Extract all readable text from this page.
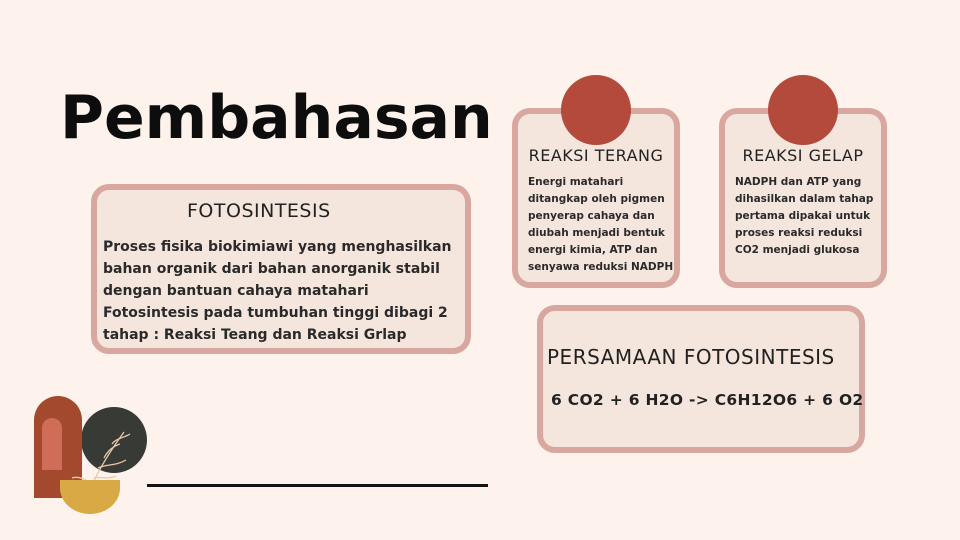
Pembahasan
FOTOSINTESIS
Proses fisika biokimiawi yang menghasilkan bahan organik dari bahan anorganik stabil dengan bantuan cahaya matahari Fotosintesis pada tumbuhan tinggi dibagi 2 tahap : Reaksi Teang dan Reaksi Grlap
REAKSI TERANG
Energi matahari ditangkap oleh pigmen penyerap cahaya dan diubah menjadi bentuk energi kimia, ATP dan senyawa reduksi NADPH
REAKSI GELAP
NADPH dan ATP yang dihasilkan dalam tahap pertama dipakai untuk proses reaksi reduksi CO2 menjadi glukosa
PERSAMAAN FOTOSINTESIS
6 CO2 + 6 H2O -> C6H12O6 + 6 O2
